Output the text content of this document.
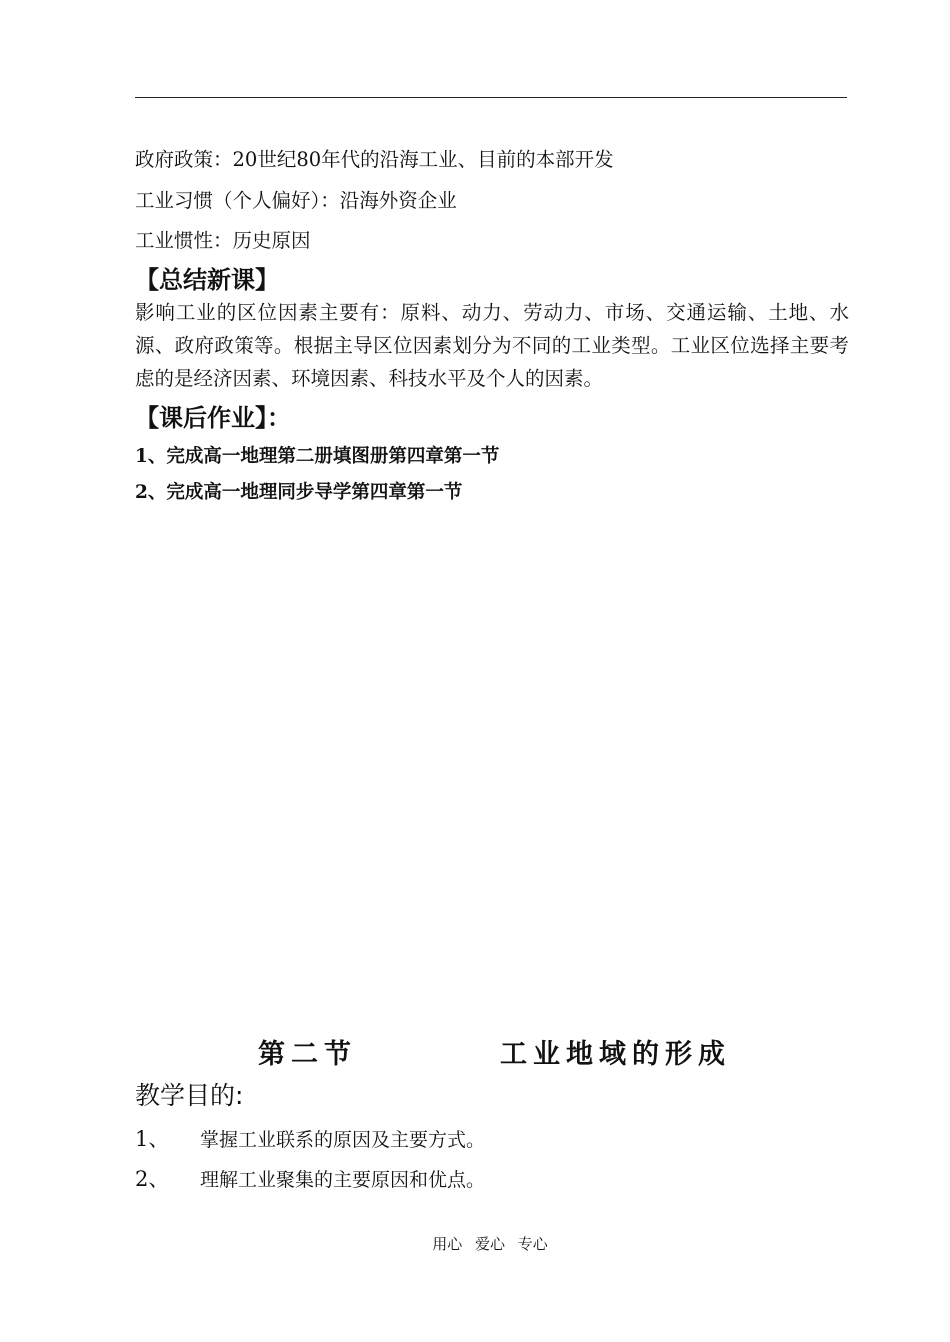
政府政策：20世纪80年代的沿海工业、目前的本部开发
工业习惯（个人偏好）：沿海外资企业
工业惯性：历史原因
【总结新课】
影响工业的区位因素主要有：原料、动力、劳动力、市场、交通运输、土地、水源、政府政策等。根据主导区位因素划分为不同的工业类型。工业区位选择主要考虑的是经济因素、环境因素、科技水平及个人的因素。
【课后作业】：
1、完成高一地理第二册填图册第四章第一节
2、完成高一地理同步导学第四章第一节
第二节	工业地域的形成
教学目的:
1、 掌握工业联系的原因及主要方式。
2、 理解工业聚集的主要原因和优点。
用心 爱心 专心
